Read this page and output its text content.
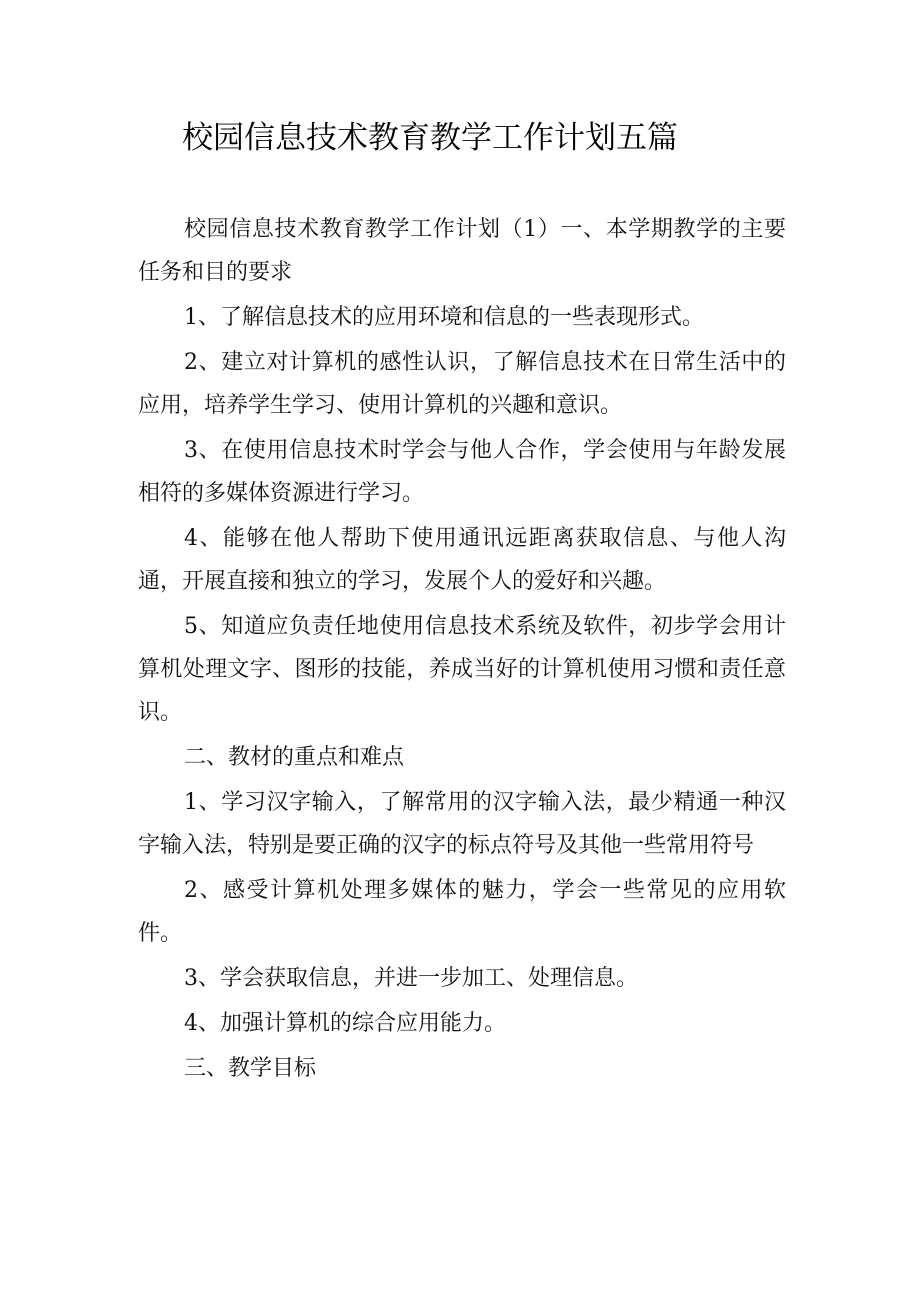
校园信息技术教育教学工作计划五篇

校园信息技术教育教学工作计划（1）一、本学期教学的主要任务和目的要求

1、了解信息技术的应用环境和信息的一些表现形式。

2、建立对计算机的感性认识，了解信息技术在日常生活中的应用，培养学生学习、使用计算机的兴趣和意识。

3、在使用信息技术时学会与他人合作，学会使用与年龄发展相符的多媒体资源进行学习。

4、能够在他人帮助下使用通讯远距离获取信息、与他人沟通，开展直接和独立的学习，发展个人的爱好和兴趣。

5、知道应负责任地使用信息技术系统及软件，初步学会用计算机处理文字、图形的技能，养成当好的计算机使用习惯和责任意识。

二、教材的重点和难点

1、学习汉字输入，了解常用的汉字输入法，最少精通一种汉字输入法，特别是要正确的汉字的标点符号及其他一些常用符号

2、感受计算机处理多媒体的魅力，学会一些常见的应用软件。

3、学会获取信息，并进一步加工、处理信息。

4、加强计算机的综合应用能力。

三、教学目标
